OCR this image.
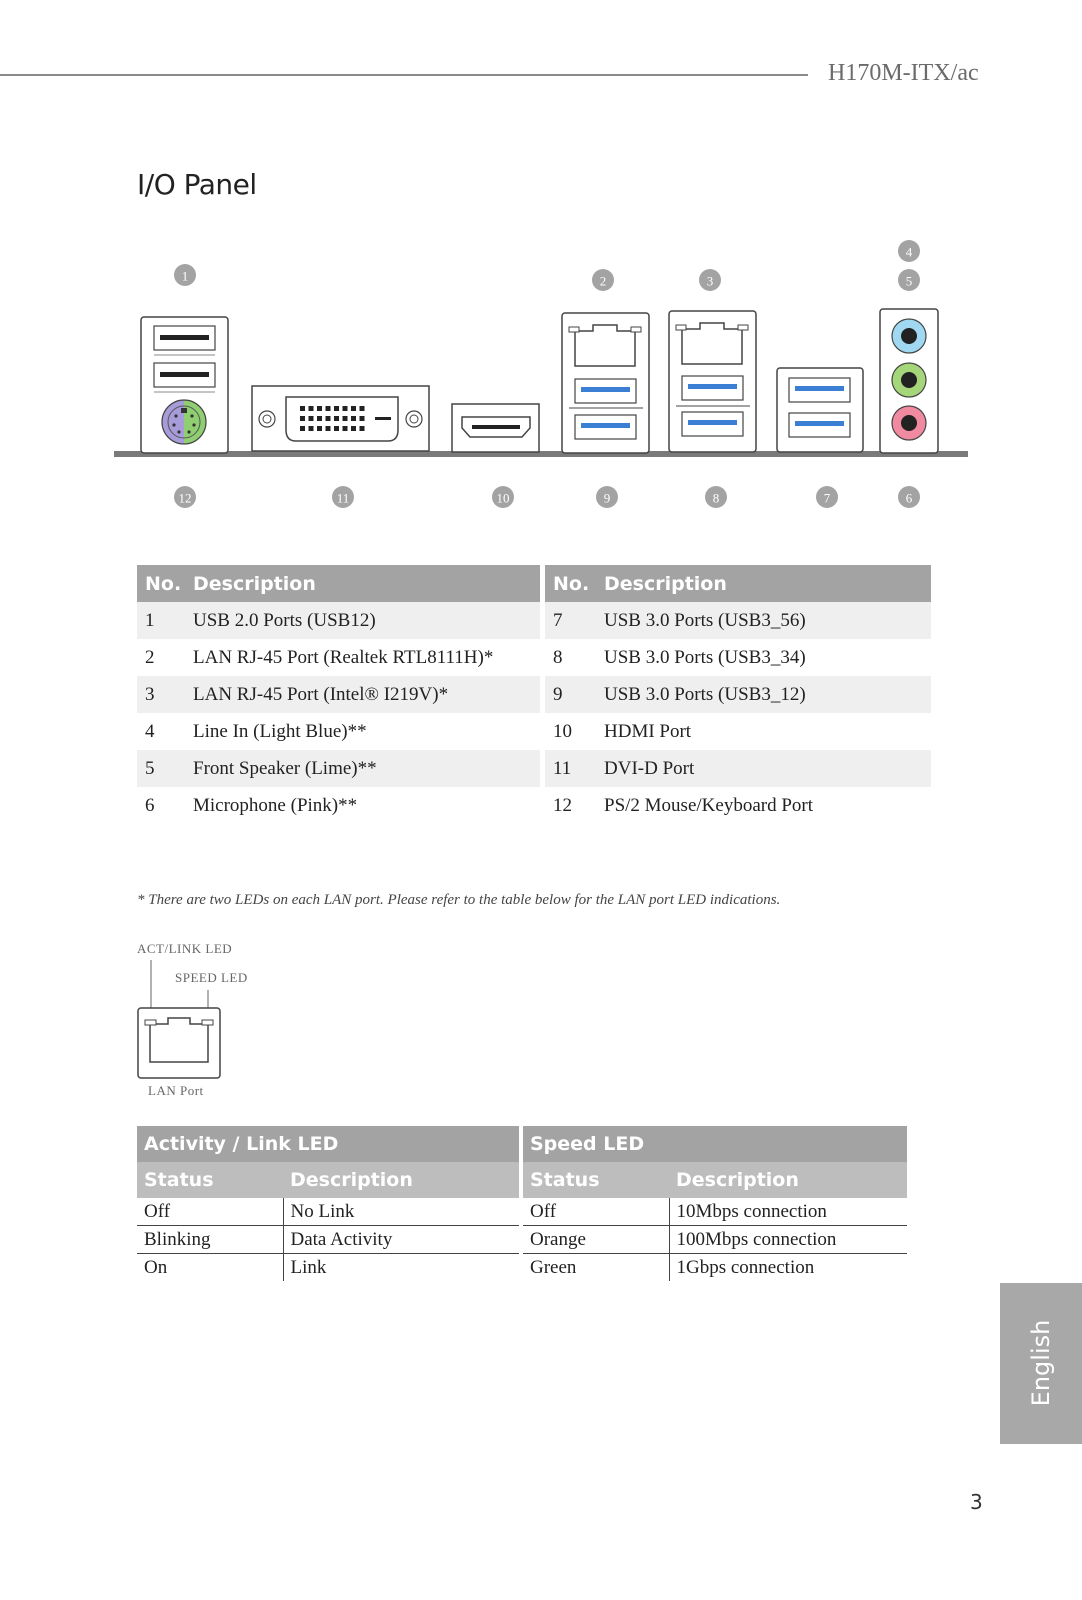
H170M-ITX/ac
I/O Panel
1	2	3
4
5
6
7
8
9
10
11
12
No.	Description		No.	Description
1	USB 2.0 Ports (USB12)		7	USB 3.0 Ports (USB3_56)
2	LAN RJ-45 Port (Realtek RTL8111H)*		8	USB 3.0 Ports (USB3_34)
3	LAN RJ-45 Port (Intel® I219V)*		9	USB 3.0 Ports (USB3_12)
4	Line In (Light Blue)**		10	HDMI Port
5	Front Speaker (Lime)**		11	DVI-D Port
6	Microphone (Pink)**		12	PS/2 Mouse/Keyboard Port
* There are two LEDs on each LAN port. Please refer to the table below for the LAN port LED indications.
ACT/LINK LED
SPEED LED
LAN Port
Activity / Link LED	
Status	Description
Off	No Link
Blinking	Data Activity
On	Link
Speed LED	
Status	Description
Off	10Mbps connection
Orange	100Mbps connection
Green	1Gbps connection
English
3
